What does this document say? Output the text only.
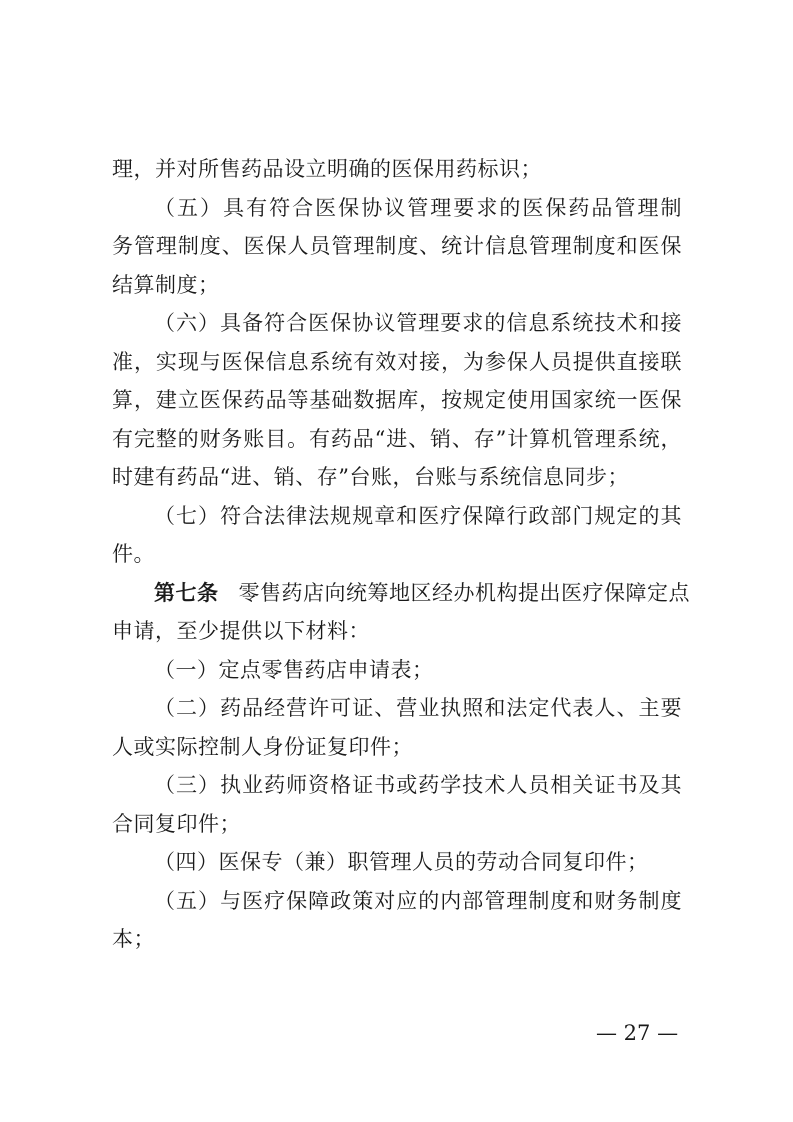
理，并对所售药品设立明确的医保用药标识；
（五）具有符合医保协议管理要求的医保药品管理制
务管理制度、医保人员管理制度、统计信息管理制度和医保
结算制度；
（六）具备符合医保协议管理要求的信息系统技术和接
准，实现与医保信息系统有效对接，为参保人员提供直接联
算，建立医保药品等基础数据库，按规定使用国家统一医保
有完整的财务账目。有药品“进、销、存”计算机管理系统，
时建有药品“进、销、存”台账，台账与系统信息同步；
（七）符合法律法规规章和医疗保障行政部门规定的其
件。
第七条 零售药店向统筹地区经办机构提出医疗保障定点
申请，至少提供以下材料：
（一）定点零售药店申请表；
（二）药品经营许可证、营业执照和法定代表人、主要
人或实际控制人身份证复印件；
（三）执业药师资格证书或药学技术人员相关证书及其
合同复印件；
（四）医保专（兼）职管理人员的劳动合同复印件；
（五）与医疗保障政策对应的内部管理制度和财务制度
本；
— 27 —
